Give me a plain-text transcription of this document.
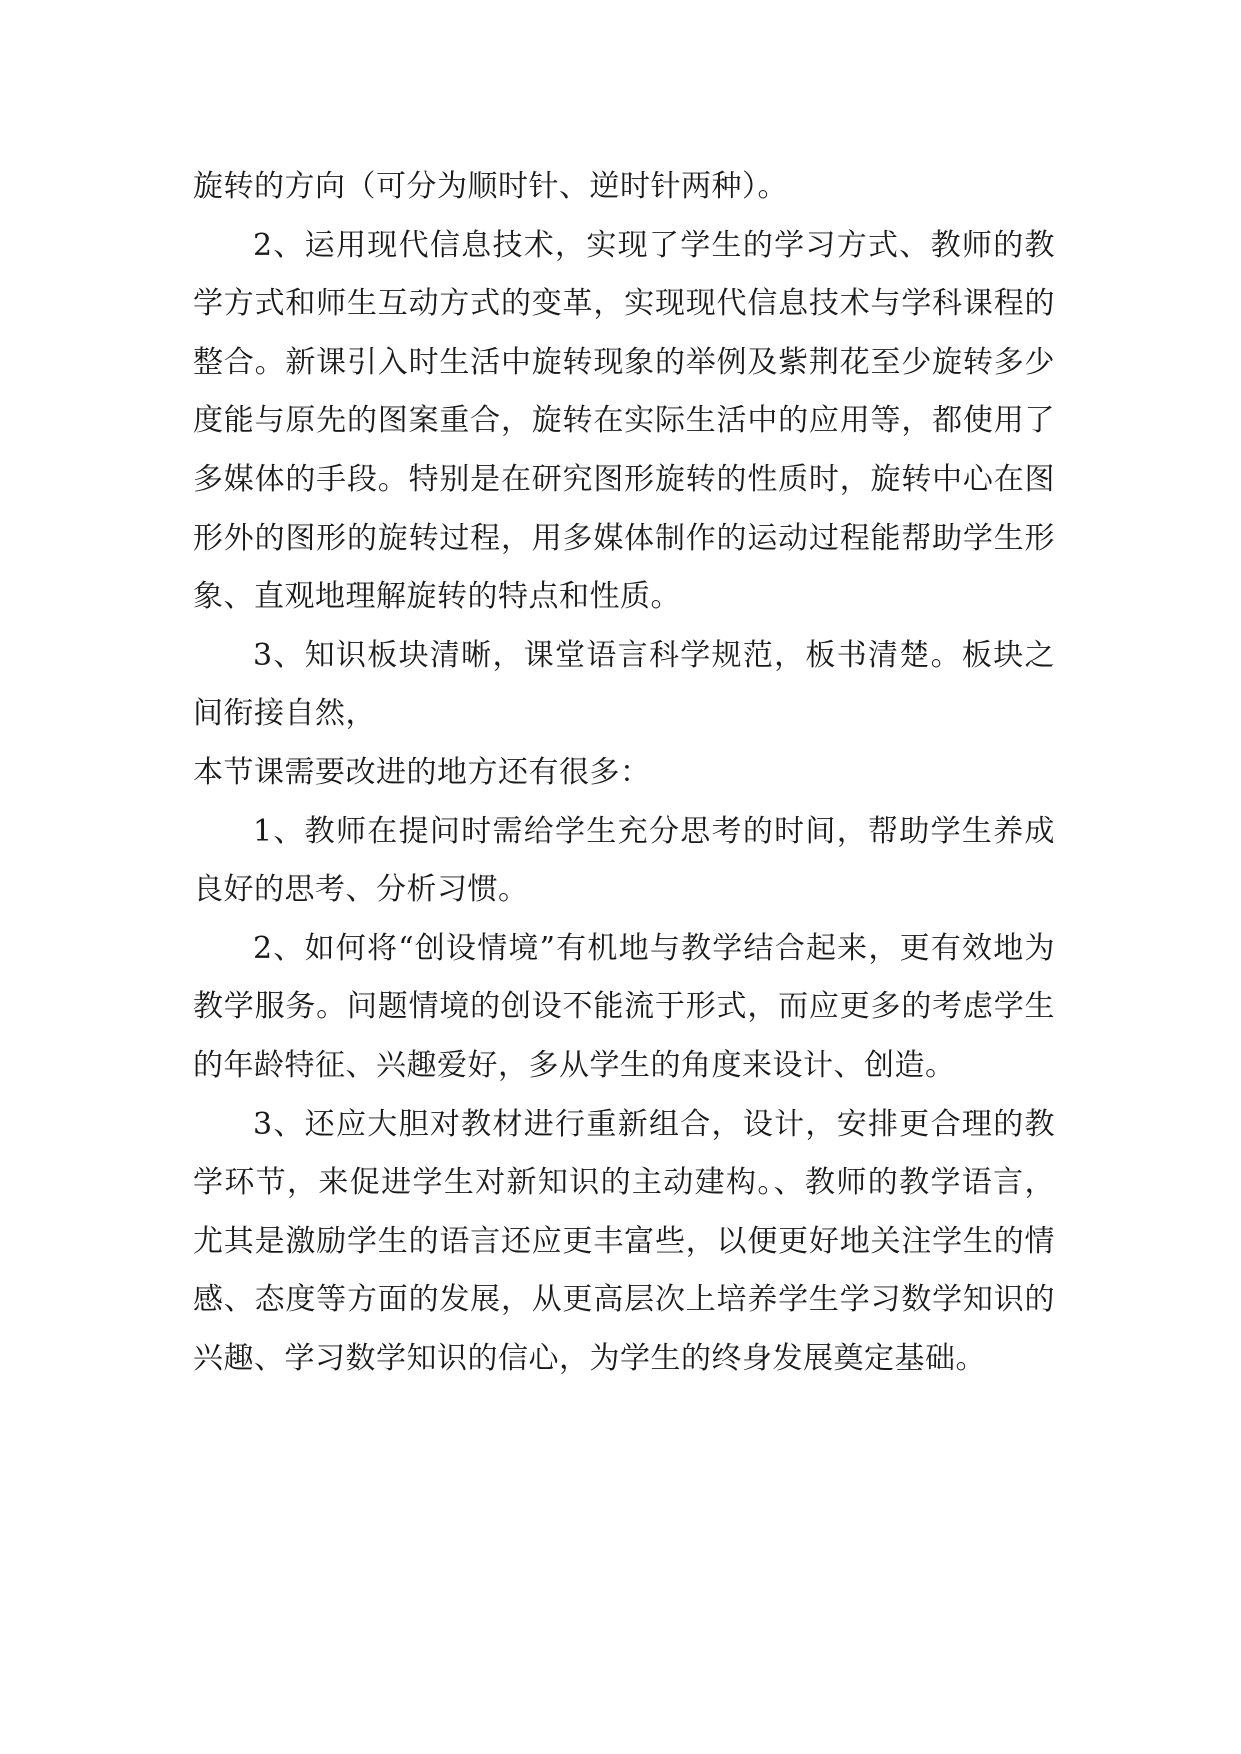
旋转的方向（可分为顺时针、逆时针两种）。

2、运用现代信息技术，实现了学生的学习方式、教师的教学方式和师生互动方式的变革，实现现代信息技术与学科课程的整合。新课引入时生活中旋转现象的举例及紫荆花至少旋转多少度能与原先的图案重合，旋转在实际生活中的应用等，都使用了多媒体的手段。特别是在研究图形旋转的性质时，旋转中心在图形外的图形的旋转过程，用多媒体制作的运动过程能帮助学生形象、直观地理解旋转的特点和性质。

3、知识板块清晰，课堂语言科学规范，板书清楚。板块之间衔接自然，

本节课需要改进的地方还有很多：

1、教师在提问时需给学生充分思考的时间，帮助学生养成良好的思考、分析习惯。

2、如何将“创设情境”有机地与教学结合起来，更有效地为教学服务。问题情境的创设不能流于形式，而应更多的考虑学生的年龄特征、兴趣爱好，多从学生的角度来设计、创造。

3、还应大胆对教材进行重新组合，设计，安排更合理的教学环节，来促进学生对新知识的主动建构。、教师的教学语言，尤其是激励学生的语言还应更丰富些，以便更好地关注学生的情感、态度等方面的发展，从更高层次上培养学生学习数学知识的兴趣、学习数学知识的信心，为学生的终身发展奠定基础。
